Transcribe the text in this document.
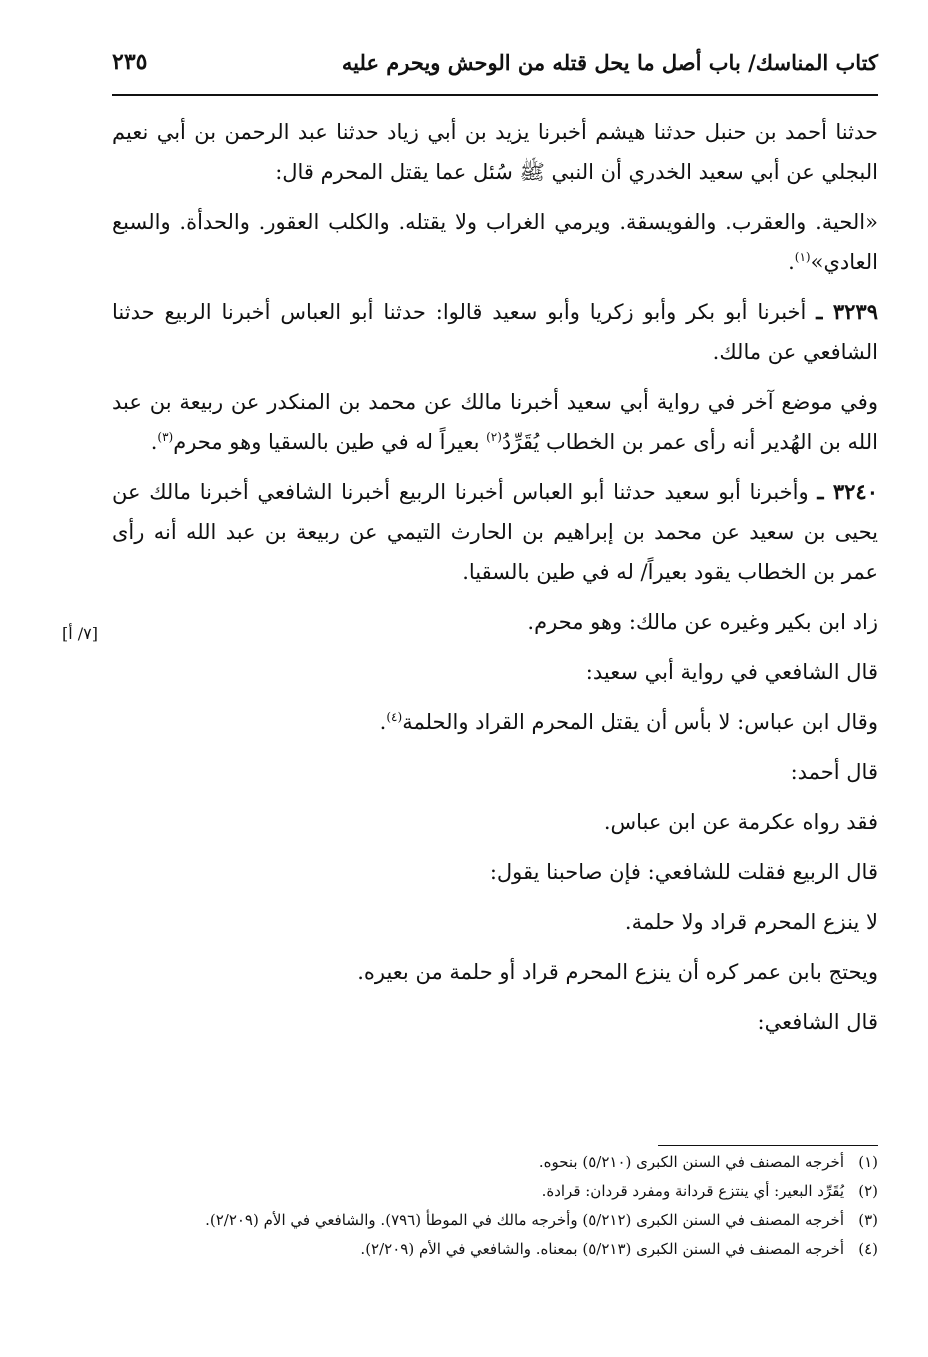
كتاب المناسك/ باب أصل ما يحل قتله من الوحش ويحرم عليه
٢٣٥

حدثنا أحمد بن حنبل حدثنا هيشم أخبرنا يزيد بن أبي زياد حدثنا عبد الرحمن بن أبي نعيم البجلي عن أبي سعيد الخدري أن النبي ﷺ سُئل عما يقتل المحرم قال:

«الحية. والعقرب. والفويسقة. ويرمي الغراب ولا يقتله. والكلب العقور. والحدأة. والسبع العادي»$^{(١)}$.

٣٢٣٩ ـ أخبرنا أبو بكر وأبو زكريا وأبو سعيد قالوا: حدثنا أبو العباس أخبرنا الربيع حدثنا الشافعي عن مالك.

وفي موضع آخر في رواية أبي سعيد أخبرنا مالك عن محمد بن المنكدر عن ربيعة بن عبد الله بن الهُدير أنه رأى عمر بن الخطاب يُقَرِّدُ$^{(٢)}$ بعيراً له في طين بالسقيا وهو محرم$^{(٣)}$.

٣٢٤٠ ـ وأخبرنا أبو سعيد حدثنا أبو العباس أخبرنا الربيع أخبرنا الشافعي أخبرنا مالك عن يحيى بن سعيد عن محمد بن إبراهيم بن الحارث التيمي عن ربيعة بن عبد الله أنه رأى عمر بن الخطاب يقود بعيراً/ له في طين بالسقيا.

زاد ابن بكير وغيره عن مالك: وهو محرم.

قال الشافعي في رواية أبي سعيد:

وقال ابن عباس: لا بأس أن يقتل المحرم القراد والحلمة$^{(٤)}$.

قال أحمد:

فقد رواه عكرمة عن ابن عباس.

قال الربيع فقلت للشافعي: فإن صاحبنا يقول:

لا ينزع المحرم قراد ولا حلمة.

ويحتج بابن عمر كره أن ينزع المحرم قراد أو حلمة من بعيره.

قال الشافعي:

[٧/ أ]
(١)
أخرجه المصنف في السنن الكبرى (٥/٢١٠) بنحوه.
(٢)
يُقَرِّد البعير: أي ينتزع قردانة ومفرد قردان: قرادة.
(٣)
أخرجه المصنف في السنن الكبرى (٥/٢١٢) وأخرجه مالك في الموطأ (٧٩٦). والشافعي في الأم (٢/٢٠٩).
(٤)
أخرجه المصنف في السنن الكبرى (٥/٢١٣) بمعناه. والشافعي في الأم (٢/٢٠٩).
